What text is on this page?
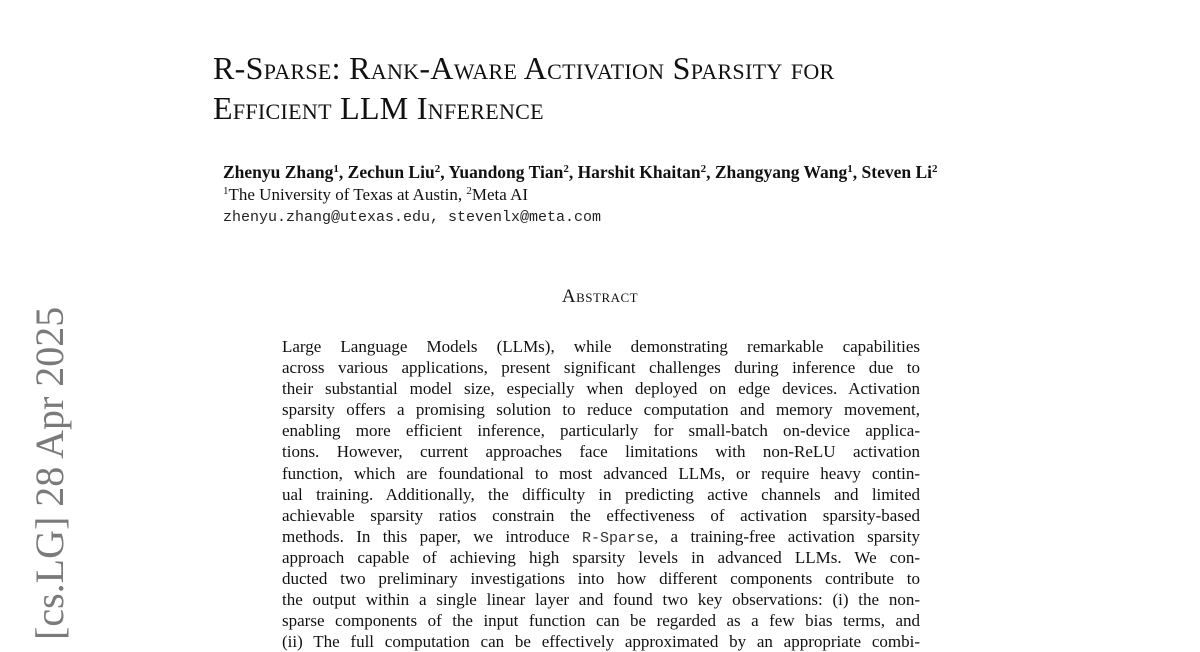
R-Sparse: Rank-Aware Activation Sparsity for
Efficient LLM Inference
Zhenyu Zhang$^1$, Zechun Liu$^2$, Yuandong Tian$^2$, Harshit Khaitan$^2$, Zhangyang Wang$^1$, Steven Li$^2$
$^1$The University of Texas at Austin, $^2$Meta AI
zhenyu.zhang@utexas.edu, stevenlx@meta.com
Abstract
Large Language Models (LLMs), while demonstrating remarkable capabilities
across various applications, present significant challenges during inference due to
their substantial model size, especially when deployed on edge devices. Activation
sparsity offers a promising solution to reduce computation and memory movement,
enabling more efficient inference, particularly for small-batch on-device applica-
tions. However, current approaches face limitations with non-ReLU activation
function, which are foundational to most advanced LLMs, or require heavy contin-
ual training. Additionally, the difficulty in predicting active channels and limited
achievable sparsity ratios constrain the effectiveness of activation sparsity-based
methods. In this paper, we introduce R-Sparse, a training-free activation sparsity
approach capable of achieving high sparsity levels in advanced LLMs. We con-
ducted two preliminary investigations into how different components contribute to
the output within a single linear layer and found two key observations: (i) the non-
sparse components of the input function can be regarded as a few bias terms, and
(ii) The full computation can be effectively approximated by an appropriate combi-
[cs.LG] 28 Apr 2025
